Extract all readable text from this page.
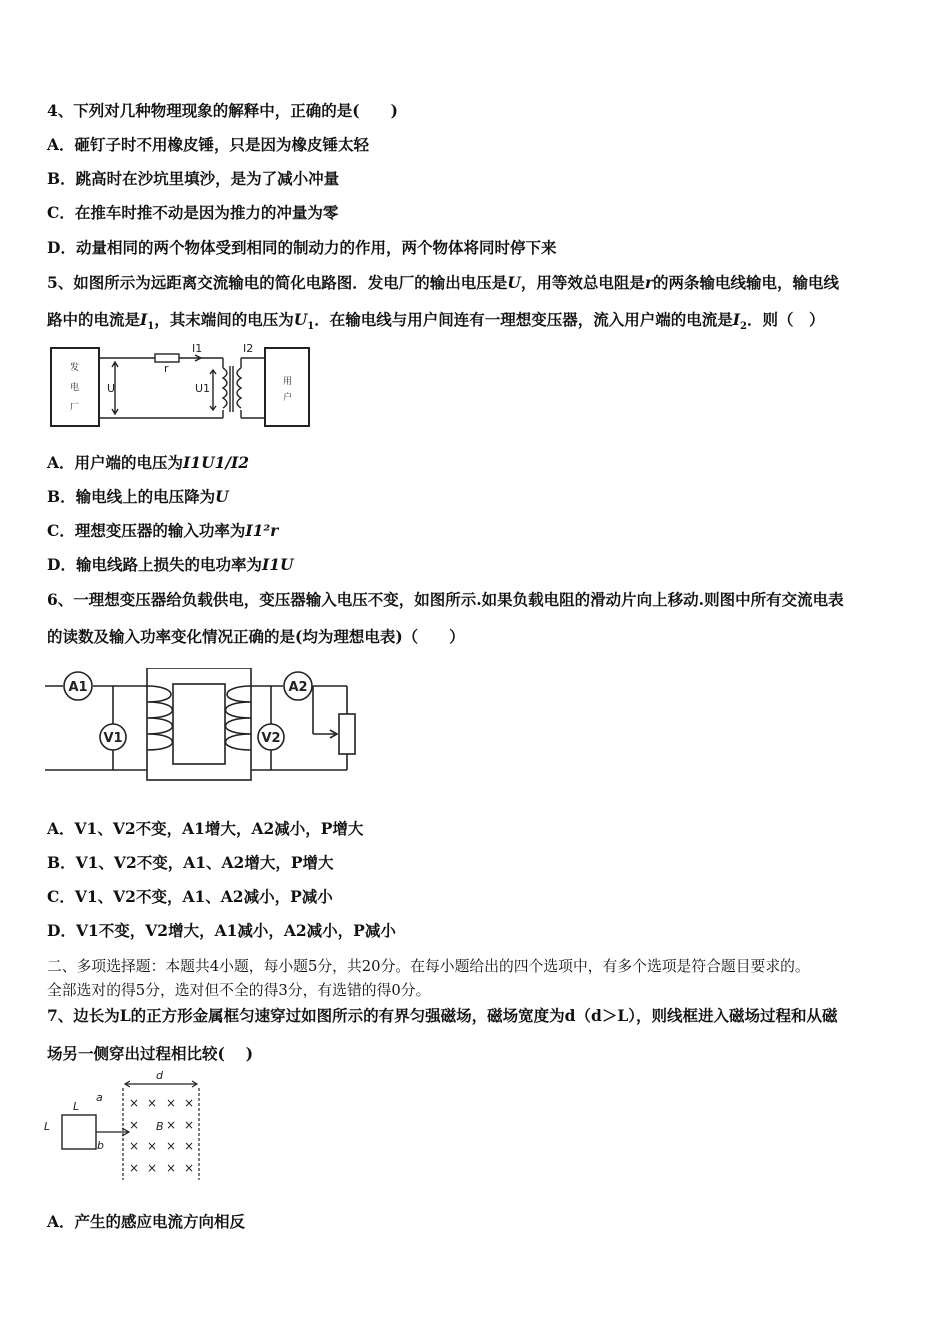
4、下列对几种物理现象的解释中，正确的是(　　)
A．砸钉子时不用橡皮锤，只是因为橡皮锤太轻
B．跳高时在沙坑里填沙，是为了减小冲量
C．在推车时推不动是因为推力的冲量为零
D．动量相同的两个物体受到相同的制动力的作用，两个物体将同时停下来
5、如图所示为远距离交流输电的简化电路图．发电厂的输出电压是U，用等效总电阻是r的两条输电线输电，输电线
路中的电流是$I_1$，其末端间的电压为$U_1$．在输电线与用户间连有一理想变压器，流入用户端的电流是$I_2$．则（　）
发
电
厂
用
户
U
r
I1	I2
U1
A．用户端的电压为I1U1/I2
B．输电线上的电压降为U
C．理想变压器的输入功率为I1²r
D．输电线路上损失的电功率为I1U
6、一理想变压器给负载供电，变压器输入电压不变，如图所示.如果负载电阻的滑动片向上移动.则图中所有交流电表
的读数及输入功率变化情况正确的是(均为理想电表)（　　）
A1	A2
V1	V2
A．V1、V2不变，A1增大，A2减小，P增大
B．V1、V2不变，A1、A2增大，P增大
C．V1、V2不变，A1、A2减小，P减小
D．V1不变，V2增大，A1减小，A2减小，P减小
二、多项选择题：本题共4小题，每小题5分，共20分。在每小题给出的四个选项中，有多个选项是符合题目要求的。
全部选对的得5分，选对但不全的得3分，有选错的得0分。
7、边长为L的正方形金属框匀速穿过如图所示的有界匀强磁场，磁场宽度为d（d＞L），则线框进入磁场过程和从磁
场另一侧穿出过程相比较(　 )
d
L
L
a
b
B
× × × ×
× × ×
× × × ×
× × × ×
A．产生的感应电流方向相反
